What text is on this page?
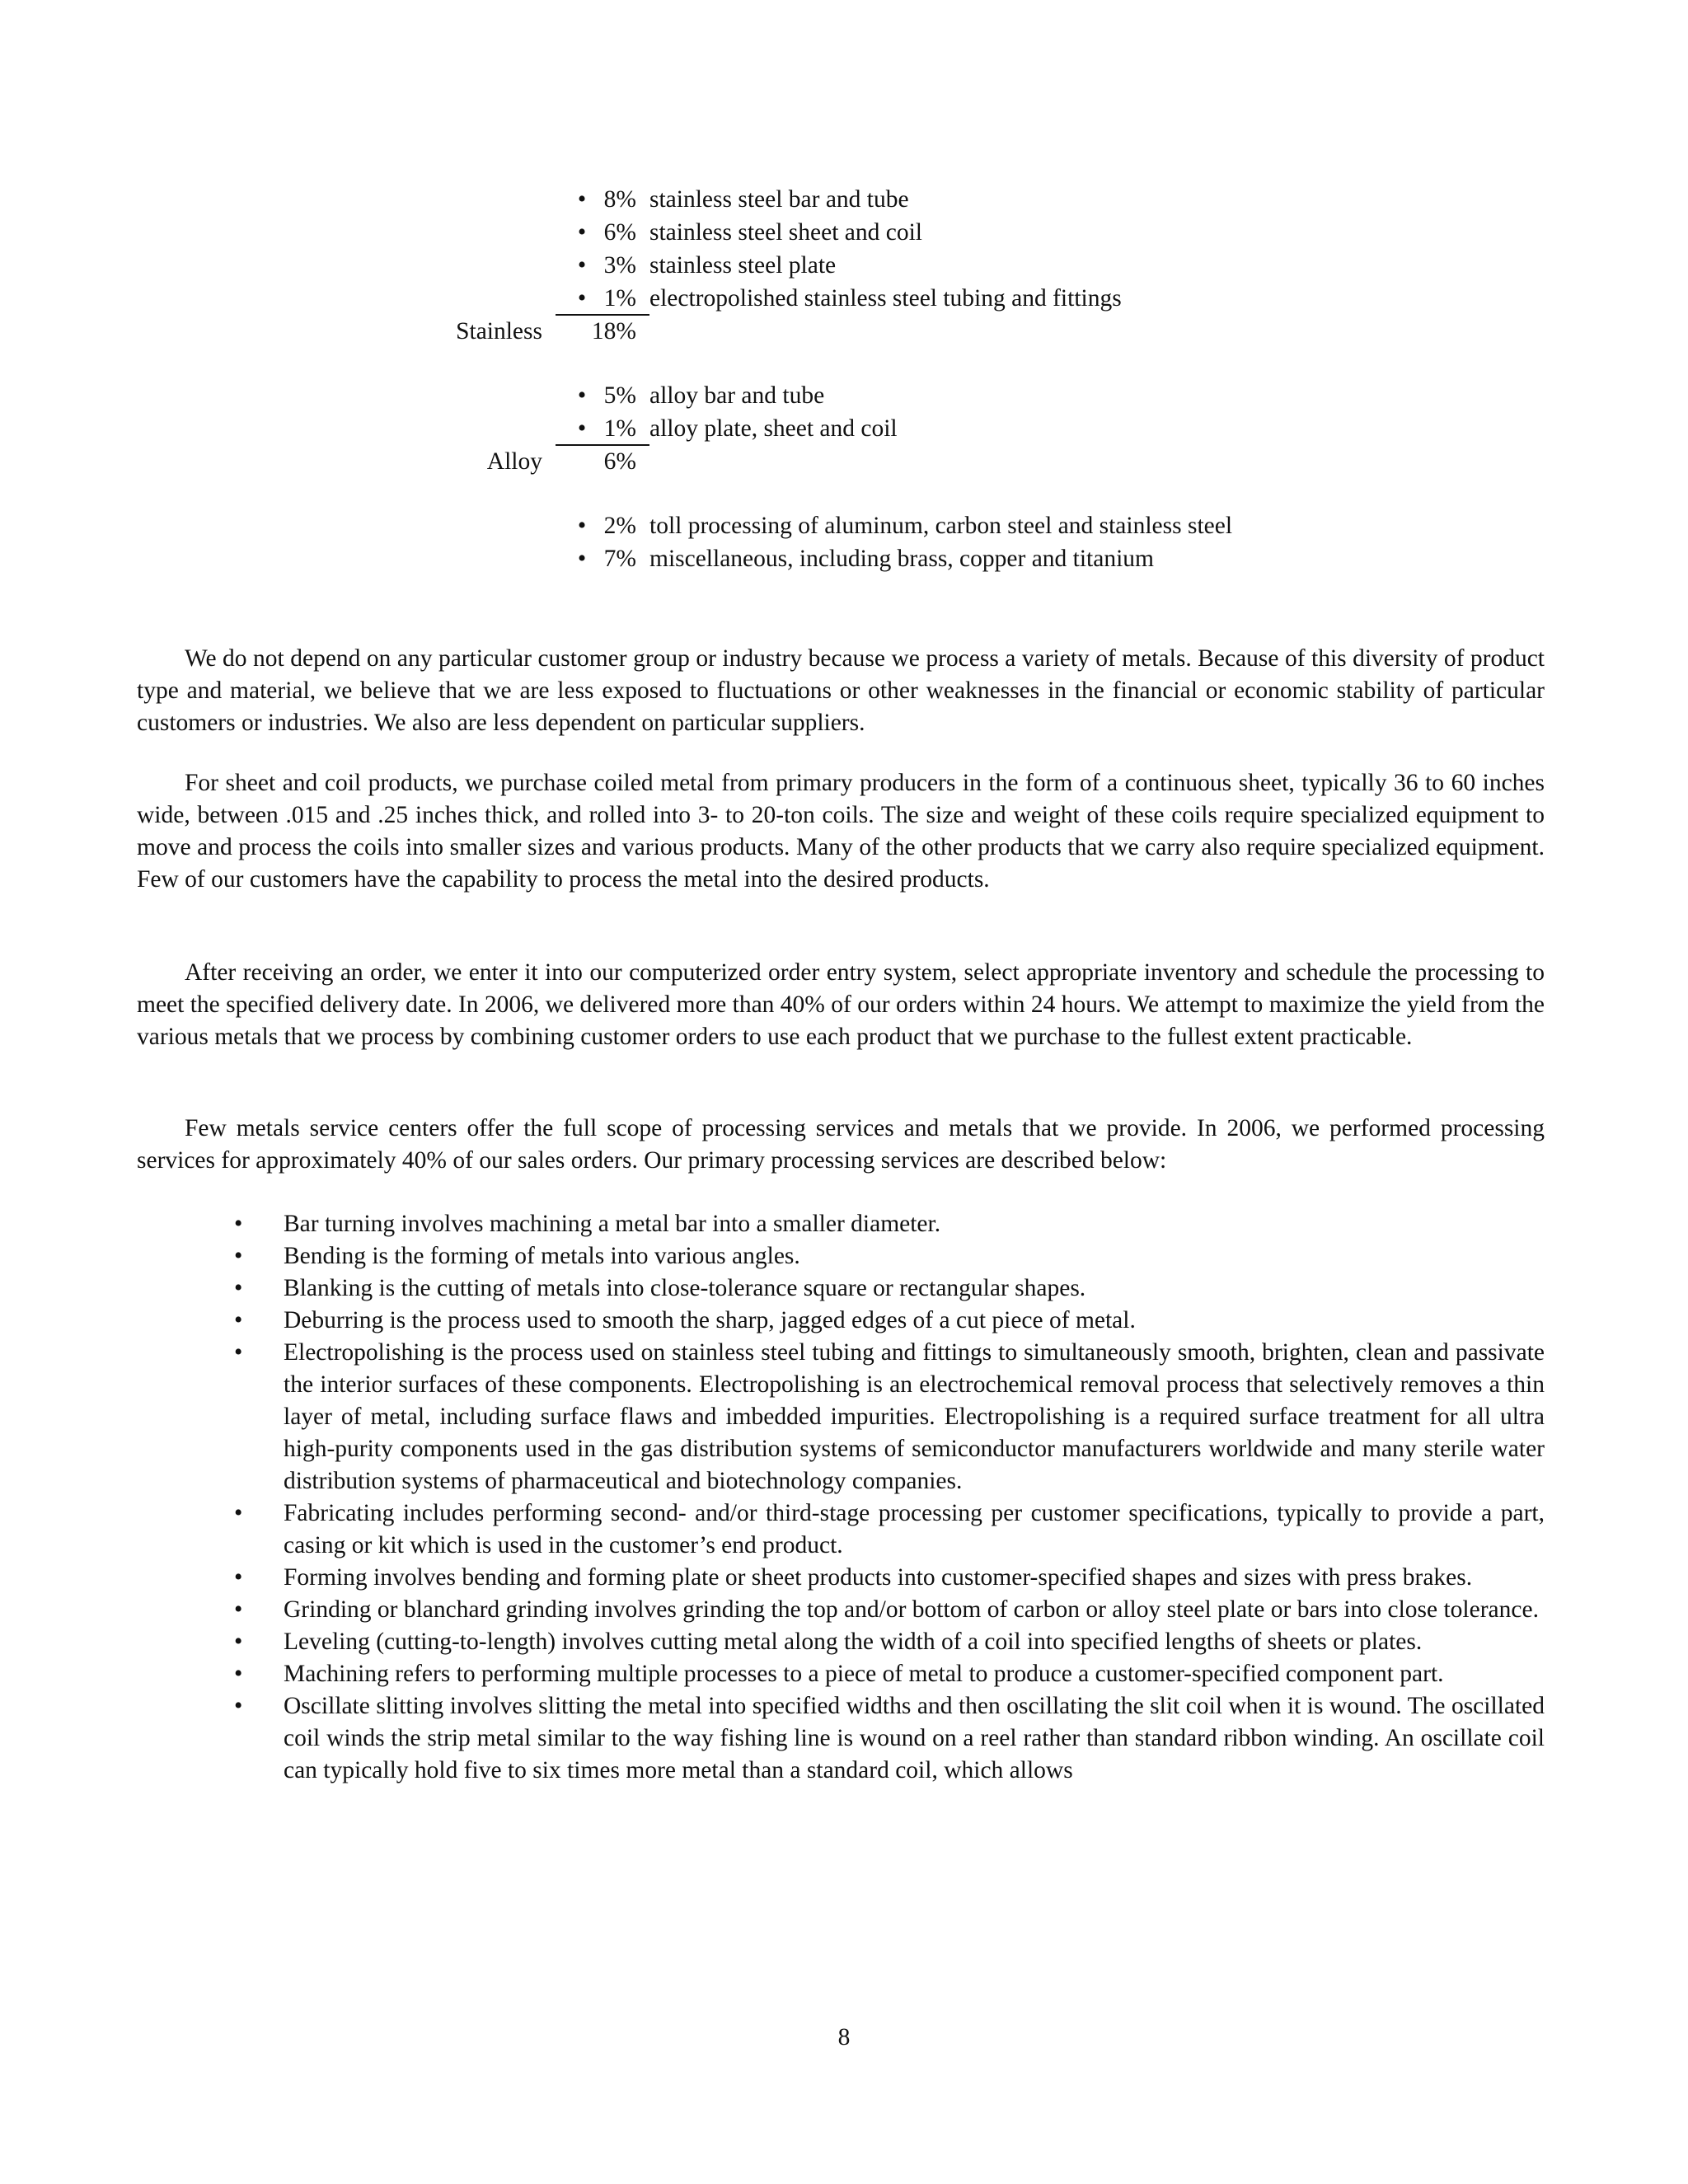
• 8% stainless steel bar and tube
• 6% stainless steel sheet and coil
• 3% stainless steel plate
• 1% electropolished stainless steel tubing and fittings
Stainless	18%
• 5% alloy bar and tube
• 1% alloy plate, sheet and coil
Alloy	6%
• 2% toll processing of aluminum, carbon steel and stainless steel
• 7% miscellaneous, including brass, copper and titanium

We do not depend on any particular customer group or industry because we process a variety of metals. Because of this diversity of product type and material, we believe that we are less exposed to fluctuations or other weaknesses in the financial or economic stability of particular customers or industries. We also are less dependent on particular suppliers.

For sheet and coil products, we purchase coiled metal from primary producers in the form of a continuous sheet, typically 36 to 60 inches wide, between .015 and .25 inches thick, and rolled into 3- to 20-ton coils. The size and weight of these coils require specialized equipment to move and process the coils into smaller sizes and various products. Many of the other products that we carry also require specialized equipment. Few of our customers have the capability to process the metal into the desired products.

After receiving an order, we enter it into our computerized order entry system, select appropriate inventory and schedule the processing to meet the specified delivery date. In 2006, we delivered more than 40% of our orders within 24 hours. We attempt to maximize the yield from the various metals that we process by combining customer orders to use each product that we purchase to the fullest extent practicable.

Few metals service centers offer the full scope of processing services and metals that we provide. In 2006, we performed processing services for approximately 40% of our sales orders. Our primary processing services are described below:

• Bar turning involves machining a metal bar into a smaller diameter.
• Bending is the forming of metals into various angles.
• Blanking is the cutting of metals into close-tolerance square or rectangular shapes.
• Deburring is the process used to smooth the sharp, jagged edges of a cut piece of metal.
• Electropolishing is the process used on stainless steel tubing and fittings to simultaneously smooth, brighten, clean and passivate the interior surfaces of these components. Electropolishing is an electrochemical removal process that selectively removes a thin layer of metal, including surface flaws and imbedded impurities. Electropolishing is a required surface treatment for all ultra high-purity components used in the gas distribution systems of semiconductor manufacturers worldwide and many sterile water distribution systems of pharmaceutical and biotechnology companies.
• Fabricating includes performing second- and/or third-stage processing per customer specifications, typically to provide a part, casing or kit which is used in the customer’s end product.
• Forming involves bending and forming plate or sheet products into customer-specified shapes and sizes with press brakes.
• Grinding or blanchard grinding involves grinding the top and/or bottom of carbon or alloy steel plate or bars into close tolerance.
• Leveling (cutting-to-length) involves cutting metal along the width of a coil into specified lengths of sheets or plates.
• Machining refers to performing multiple processes to a piece of metal to produce a customer-specified component part.
• Oscillate slitting involves slitting the metal into specified widths and then oscillating the slit coil when it is wound. The oscillated coil winds the strip metal similar to the way fishing line is wound on a reel rather than standard ribbon winding. An oscillate coil can typically hold five to six times more metal than a standard coil, which allows
8
